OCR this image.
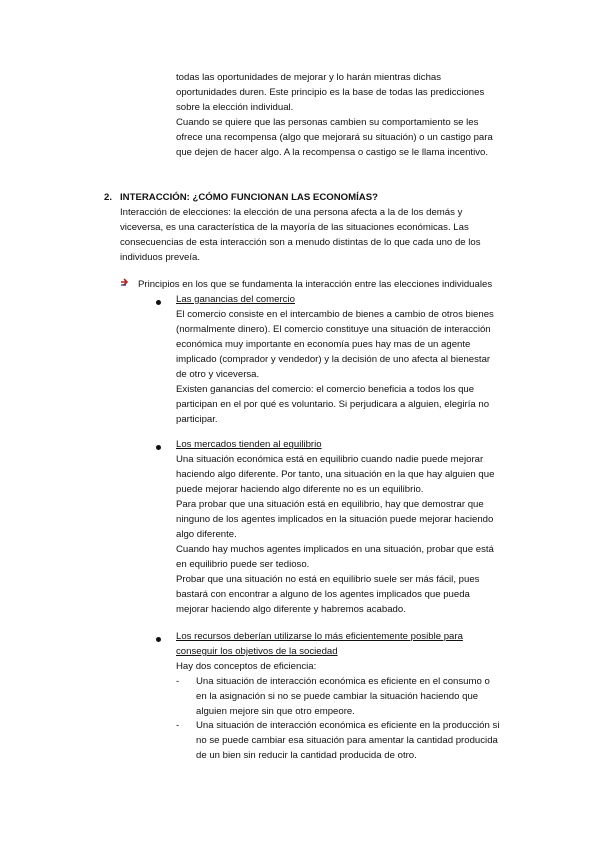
todas las oportunidades de mejorar y lo harán mientras dichas

oportunidades duren. Este principio es la base de todas las predicciones

sobre la elección individual.

Cuando se quiere que las personas cambien su comportamiento se les

ofrece una recompensa (algo que mejorará su situación) o un castigo para

que dejen de hacer algo. A la recompensa o castigo se le llama incentivo.

2. INTERACCIÓN: ¿CÓMO FUNCIONAN LAS ECONOMÍAS?

Interacción de elecciones: la elección de una persona afecta a la de los demás y

viceversa, es una característica de la mayoría de las situaciones económicas. Las

consecuencias de esta interacción son a menudo distintas de lo que cada uno de los

individuos preveía.

Principios en los que se fundamenta la interacción entre las elecciones individuales

Las ganancias del comercio

El comercio consiste en el intercambio de bienes a cambio de otros bienes

(normalmente dinero). El comercio constituye una situación de interacción

económica muy importante en economía pues hay mas de un agente

implicado (comprador y vendedor) y la decisión de uno afecta al bienestar

de otro y viceversa.

Existen ganancias del comercio: el comercio beneficia a todos los que

participan en el por qué es voluntario. Si perjudicara a alguien, elegiría no

participar.

Los mercados tienden al equilibrio

Una situación económica está en equilibrio cuando nadie puede mejorar

haciendo algo diferente. Por tanto, una situación en la que hay alguien que

puede mejorar haciendo algo diferente no es un equilibrio.

Para probar que una situación está en equilibrio, hay que demostrar que

ninguno de los agentes implicados en la situación puede mejorar haciendo

algo diferente.

Cuando hay muchos agentes implicados en una situación, probar que está

en equilibrio puede ser tedioso.

Probar que una situación no está en equilibrio suele ser más fácil, pues

bastará con encontrar a alguno de los agentes implicados que pueda

mejorar haciendo algo diferente y habremos acabado.

Los recursos deberían utilizarse lo más eficientemente posible para

conseguir los objetivos de la sociedad

Hay dos conceptos de eficiencia:

- Una situación de interacción económica es eficiente en el consumo o

en la asignación si no se puede cambiar la situación haciendo que

alguien mejore sin que otro empeore.

- Una situación de interacción económica es eficiente en la producción si

no se puede cambiar esa situación para amentar la cantidad producida

de un bien sin reducir la cantidad producida de otro.
